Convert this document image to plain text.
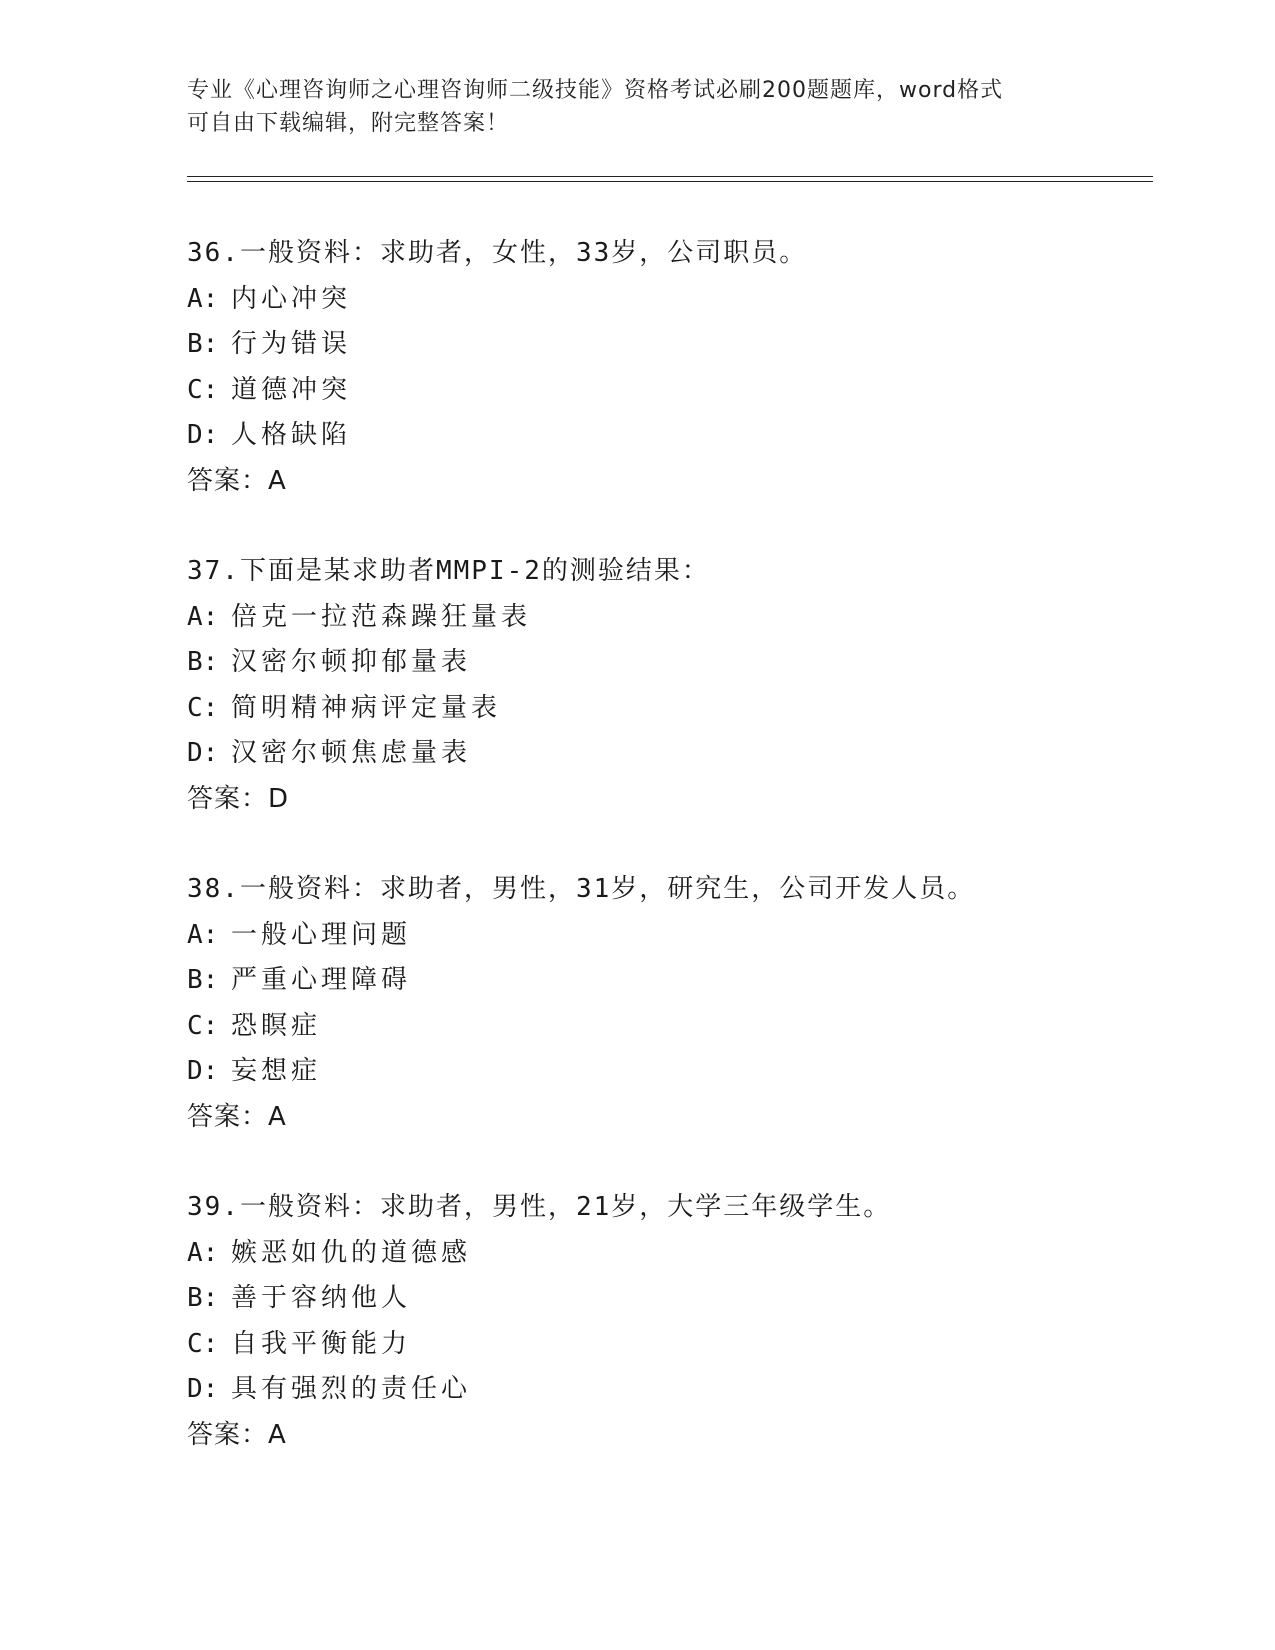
专业《心理咨询师之心理咨询师二级技能》资格考试必刷200题题库，word格式
可自由下载编辑，附完整答案！
36.一般资料：求助者，女性，33岁，公司职员。
A: 内心冲突
B: 行为错误
C: 道德冲突
D: 人格缺陷
答案：A
37.下面是某求助者MMPI-2的测验结果：
A: 倍克一拉范森躁狂量表
B: 汉密尔顿抑郁量表
C: 简明精神病评定量表
D: 汉密尔顿焦虑量表
答案：D
38.一般资料：求助者，男性，31岁，研究生，公司开发人员。
A: 一般心理问题
B: 严重心理障碍
C: 恐瞑症
D: 妄想症
答案：A
39.一般资料：求助者，男性，21岁，大学三年级学生。
A: 嫉恶如仇的道德感
B: 善于容纳他人
C: 自我平衡能力
D: 具有强烈的责任心
答案：A
